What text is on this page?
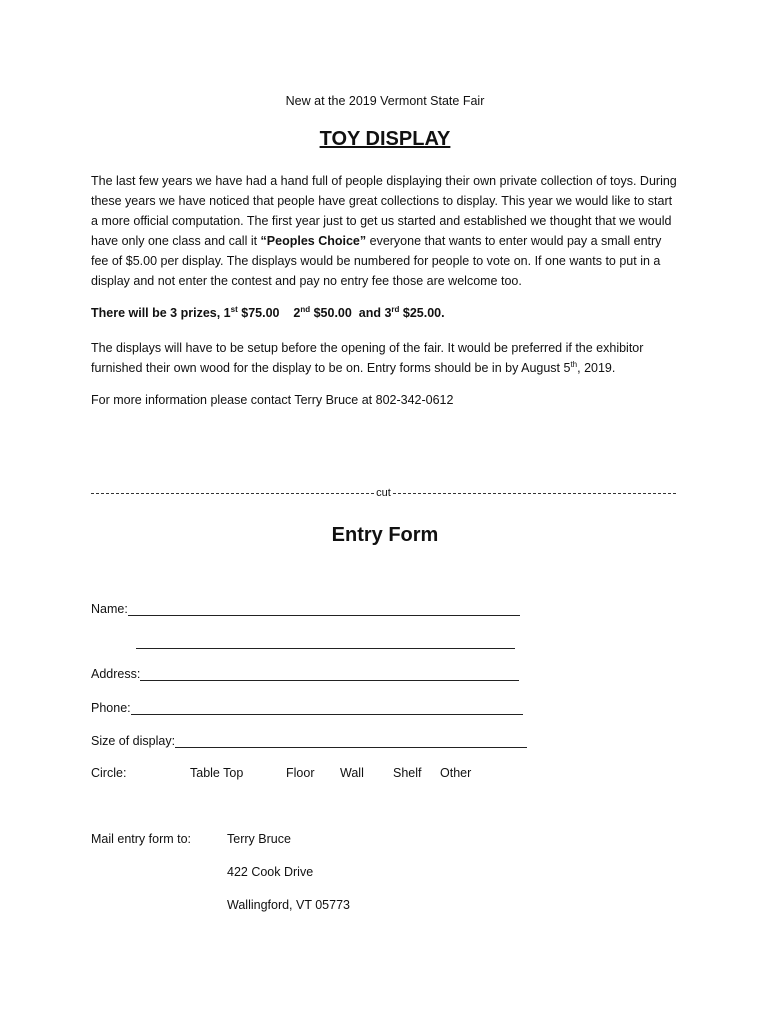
New at the 2019 Vermont State Fair
TOY DISPLAY
The last few years we have had a hand full of people displaying their own private collection of toys. During these years we have noticed that people have great collections to display. This year we would like to start a more official computation. The first year just to get us started and established we thought that we would have only one class and call it “Peoples Choice” everyone that wants to enter would pay a small entry fee of $5.00 per display. The displays would be numbered for people to vote on. If one wants to put in a display and not enter the contest and pay no entry fee those are welcome too.
There will be 3 prizes, 1st $75.00    2nd $50.00  and 3rd $25.00.
The displays will have to be setup before the opening of the fair. It would be preferred if the exhibitor furnished their own wood for the display to be on. Entry forms should be in by August 5th, 2019.
For more information please contact Terry Bruce at 802-342-0612
cut
Entry Form
Name:
Address:
Phone:
Size of display:
Circle:	Table Top	Floor Wall Shelf Other
Mail entry form to:	Terry Bruce
422 Cook Drive
Wallingford, VT 05773
